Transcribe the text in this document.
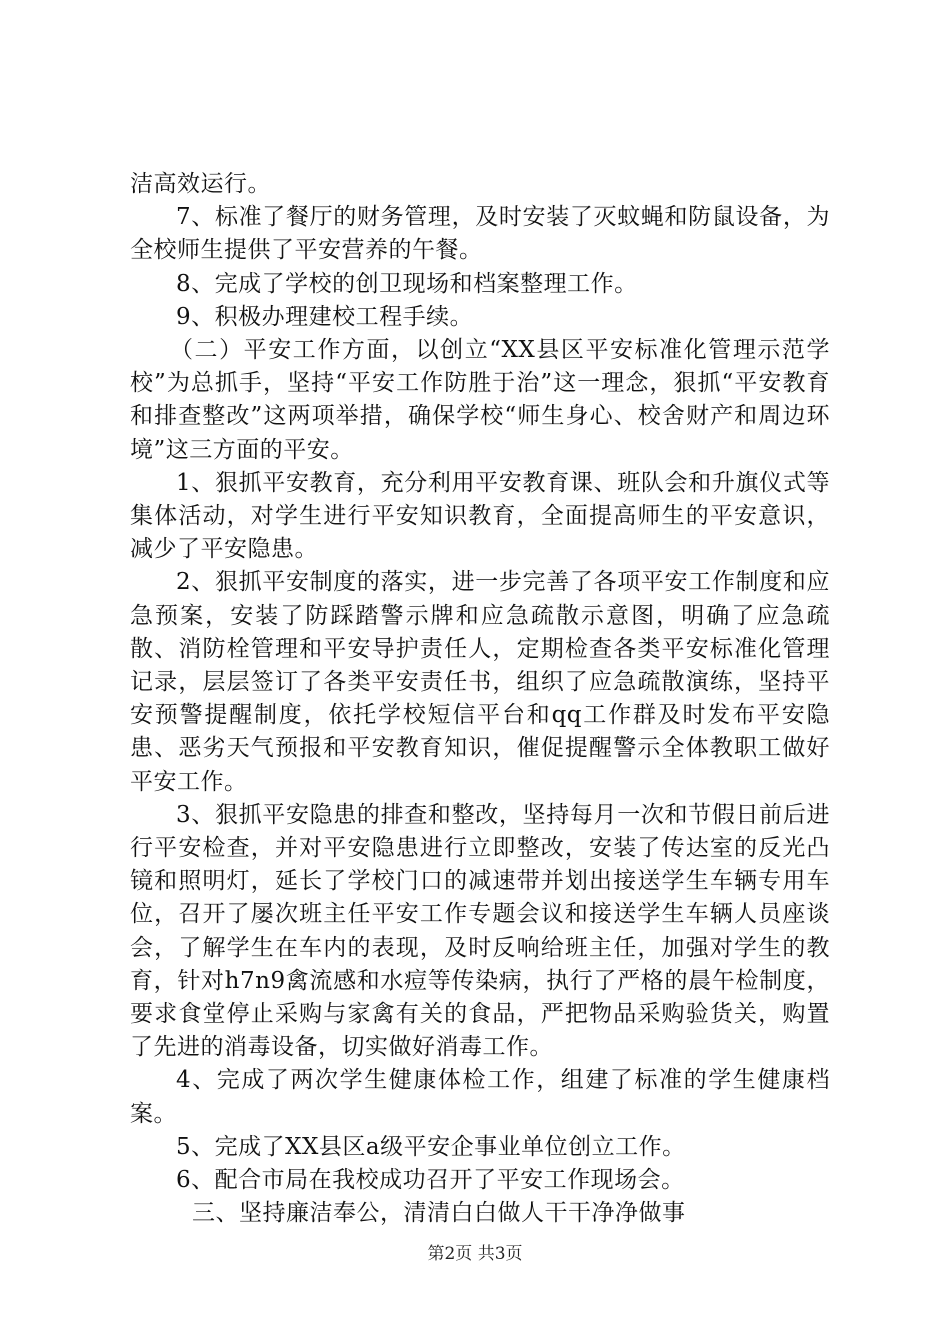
洁高效运行。

7、标准了餐厅的财务管理，及时安装了灭蚊蝇和防鼠设备，为全校师生提供了平安营养的午餐。

8、完成了学校的创卫现场和档案整理工作。

9、积极办理建校工程手续。

（二）平安工作方面，以创立“XX县区平安标准化管理示范学校”为总抓手，坚持“平安工作防胜于治”这一理念，狠抓“平安教育和排查整改”这两项举措，确保学校“师生身心、校舍财产和周边环境”这三方面的平安。

1、狠抓平安教育，充分利用平安教育课、班队会和升旗仪式等集体活动，对学生进行平安知识教育，全面提高师生的平安意识，减少了平安隐患。

2、狠抓平安制度的落实，进一步完善了各项平安工作制度和应急预案，安装了防踩踏警示牌和应急疏散示意图，明确了应急疏散、消防栓管理和平安导护责任人，定期检查各类平安标准化管理记录，层层签订了各类平安责任书，组织了应急疏散演练，坚持平安预警提醒制度，依托学校短信平台和qq工作群及时发布平安隐患、恶劣天气预报和平安教育知识，催促提醒警示全体教职工做好平安工作。

3、狠抓平安隐患的排查和整改，坚持每月一次和节假日前后进行平安检查，并对平安隐患进行立即整改，安装了传达室的反光凸镜和照明灯，延长了学校门口的减速带并划出接送学生车辆专用车位，召开了屡次班主任平安工作专题会议和接送学生车辆人员座谈会，了解学生在车内的表现，及时反响给班主任，加强对学生的教育，针对h7n9禽流感和水痘等传染病，执行了严格的晨午检制度，要求食堂停止采购与家禽有关的食品，严把物品采购验货关，购置了先进的消毒设备，切实做好消毒工作。

4、完成了两次学生健康体检工作，组建了标准的学生健康档案。

5、完成了XX县区a级平安企事业单位创立工作。

6、配合市局在我校成功召开了平安工作现场会。

三、坚持廉洁奉公，清清白白做人干干净净做事

第2页 共3页
